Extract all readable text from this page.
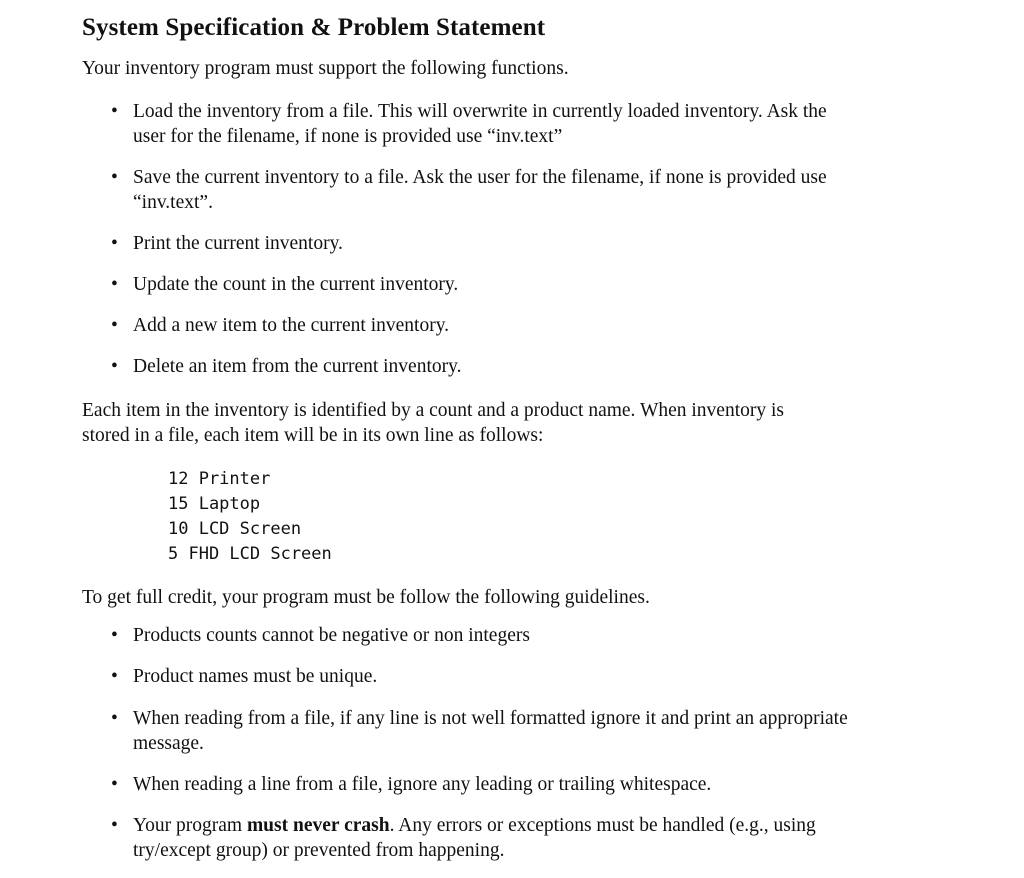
System Specification & Problem Statement

Your inventory program must support the following functions.

• Load the inventory from a file. This will overwrite in currently loaded inventory. Ask the
user for the filename, if none is provided use “inv.text”
• Save the current inventory to a file. Ask the user for the filename, if none is provided use
“inv.text”.
• Print the current inventory.
• Update the count in the current inventory.
• Add a new item to the current inventory.
• Delete an item from the current inventory.

Each item in the inventory is identified by a count and a product name. When inventory is
stored in a file, each item will be in its own line as follows:

12 Printer
15 Laptop
10 LCD Screen
5 FHD LCD Screen

To get full credit, your program must be follow the following guidelines.

• Products counts cannot be negative or non integers
• Product names must be unique.
• When reading from a file, if any line is not well formatted ignore it and print an appropriate
message.
• When reading a line from a file, ignore any leading or trailing whitespace.
• Your program must never crash. Any errors or exceptions must be handled (e.g., using
try/except group) or prevented from happening.
